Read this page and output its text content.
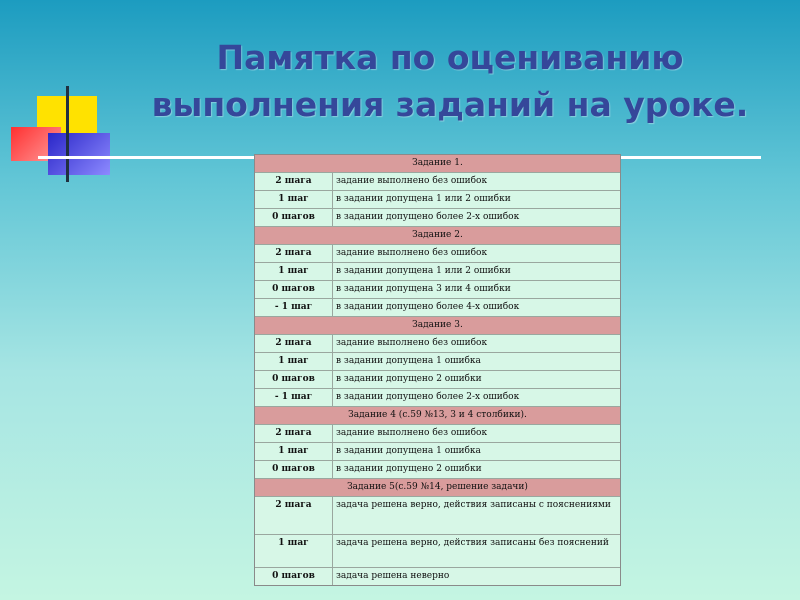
Памятка по оцениванию
выполнения заданий на уроке.
Задание 1.
2 шага	задание выполнено без ошибок
1 шаг	в задании допущена 1 или 2 ошибки
0 шагов	в задании допущено более 2-х ошибок
Задание 2.
2 шага	задание выполнено без ошибок
1 шаг	в задании допущена 1 или 2 ошибки
0 шагов	в задании допущена 3 или 4 ошибки
- 1 шаг	в задании допущено более 4-х ошибок
Задание 3.
2 шага	задание выполнено без ошибок
1 шаг	в задании допущена 1 ошибка
0 шагов	в задании допущено 2 ошибки
- 1 шаг	в задании допущено более 2-х ошибок
Задание 4 (с.59 №13, 3 и 4 столбики).
2 шага	задание выполнено без ошибок
1 шаг	в задании допущена 1 ошибка
0 шагов	в задании допущено 2 ошибки
Задание 5(с.59 №14, решение задачи)
2 шага	задача решена верно, действия записаны с пояснениями
1 шаг	задача решена верно, действия записаны без пояснений
0 шагов	задача решена неверно
